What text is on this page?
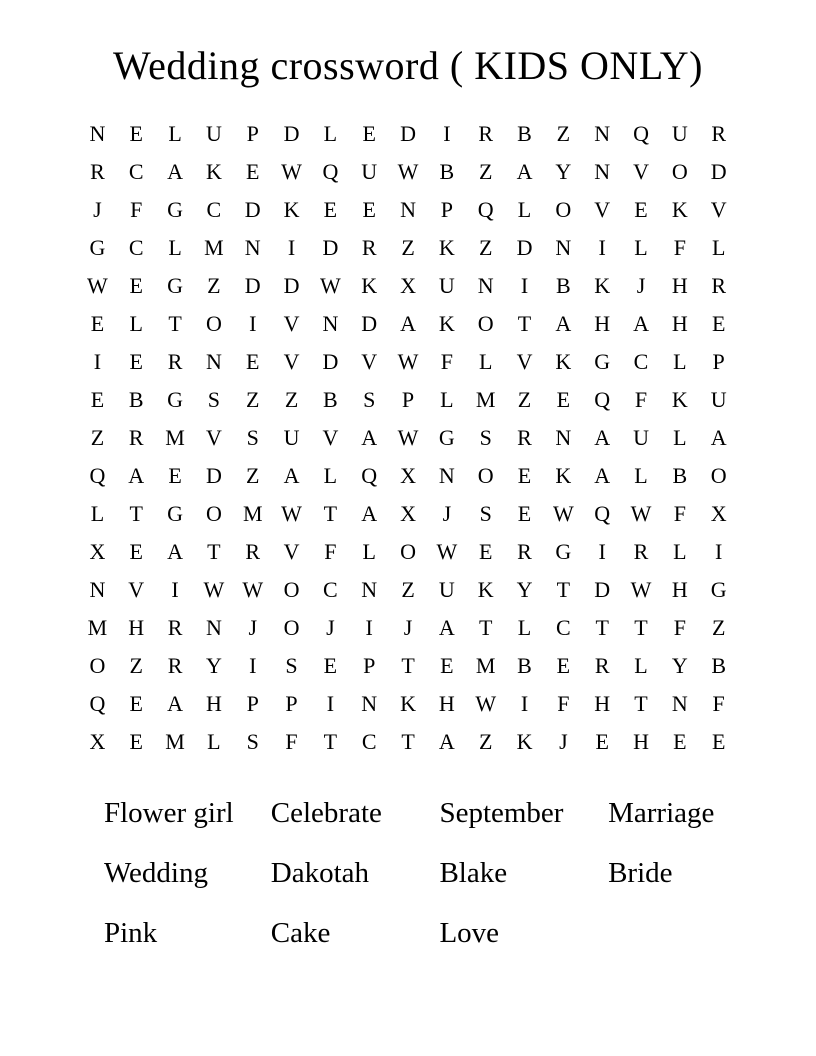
Wedding crossword ( KIDS ONLY)
N	E	L	U	P	D	L	E	D	I	R	B	Z	N	Q	U	R
R	C	A	K	E W Q	U W B	Z	A	Y	N	V	O	D
J	F	G	C	D	K	E	E	N	P	Q	L	O	V	E	K	V
G	C	L	M N	I	D	R	Z	K	Z	D	N	I	L	F	L
W E	G	Z	D	D W K	X	U	N	I	B	K	J	H	R
E	L	T	O	I	V	N	D	A	K	O	T	A	H	A	H	E
I	E	R	N	E	V	D	V W	F	L	V	K	G	C	L	P
E	B	G	S	Z	Z	B	S	P	L	M	Z	E	Q	F	K	U
Z	R M V	S	U	V	A W G	S	R	N	A	U	L	A
Q	A	E	D	Z	A	L	Q	X	N	O	E	K	A	L	B	O
L	T	G	O M W T	A	X	J	S	E W Q W	F	X
X	E	A	T	R	V	F	L	O W E	R	G	I	R	L	I
N	V	I	W W O	C	N	Z	U	K	Y	T	D W H	G
M H	R	N	J	O	J	I	J	A	T	L	C	T	T	F	Z
O	Z	R	Y	I	S	E	P	T	E	M B	E	R	L	Y	B
Q	E	A	H	P	P	I	N	K	H W	I	F	H	T	N	F
X	E	M	L	S	F	T	C	T	A	Z	K	J	E	H	E	E
Flower girl	Celebrate	September	Marriage
Wedding	Dakotah	Blake	Bride
Pink	Cake	Love
